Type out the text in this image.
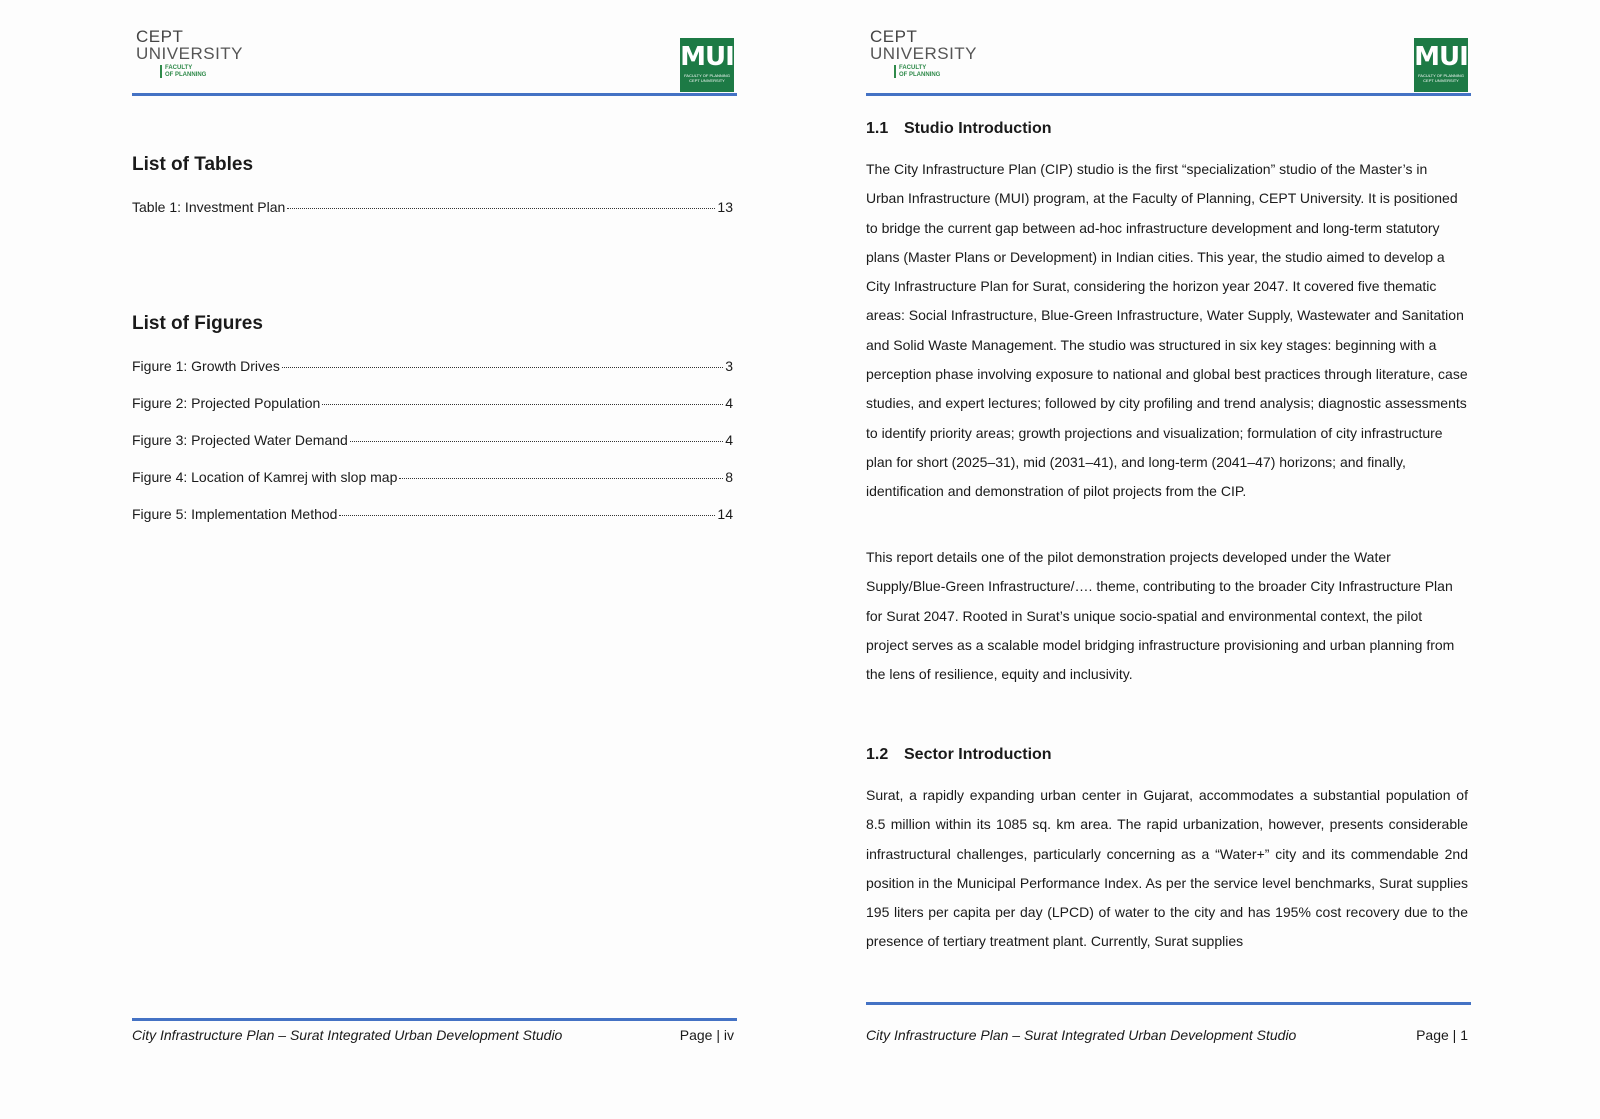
CEPT
UNIVERSITY
FACULTY
OF PLANNING
MUI
FACULTY OF PLANNING
CEPT UNIVERSITY
List of Tables
Table 1: Investment Plan	13
List of Figures
Figure 1: Growth Drives	3
Figure 2: Projected Population	4
Figure 3: Projected Water Demand	4
Figure 4: Location of Kamrej with slop map	8
Figure 5: Implementation Method	14
City Infrastructure Plan – Surat Integrated Urban Development Studio	Page | iv
CEPT
UNIVERSITY
FACULTY
OF PLANNING
MUI
FACULTY OF PLANNING
CEPT UNIVERSITY
City Infrastructure Plan – Surat Integrated Urban Development Studio	Page | 1
1.1 Studio Introduction

The City Infrastructure Plan (CIP) studio is the first “specialization” studio of the Master’s in Urban Infrastructure (MUI) program, at the Faculty of Planning, CEPT University. It is positioned to bridge the current gap between ad-hoc infrastructure development and long-term statutory plans (Master Plans or Development) in Indian cities. This year, the studio aimed to develop a City Infrastructure Plan for Surat, considering the horizon year 2047. It covered five thematic areas: Social Infrastructure, Blue-Green Infrastructure, Water Supply, Wastewater and Sanitation and Solid Waste Management. The studio was structured in six key stages: beginning with a perception phase involving exposure to national and global best practices through literature, case studies, and expert lectures; followed by city profiling and trend analysis; diagnostic assessments to identify priority areas; growth projections and visualization; formulation of city infrastructure plan for short (2025–31), mid (2031–41), and long-term (2041–47) horizons; and finally, identification and demonstration of pilot projects from the CIP.

This report details one of the pilot demonstration projects developed under the Water Supply/Blue-Green Infrastructure/…. theme, contributing to the broader City Infrastructure Plan for Surat 2047. Rooted in Surat’s unique socio-spatial and environmental context, the pilot project serves as a scalable model bridging infrastructure provisioning and urban planning from the lens of resilience, equity and inclusivity.

1.2 Sector Introduction

Surat, a rapidly expanding urban center in Gujarat, accommodates a substantial population of 8.5 million within its 1085 sq. km area. The rapid urbanization, however, presents considerable infrastructural challenges, particularly concerning as a “Water+” city and its commendable 2nd position in the Municipal Performance Index. As per the service level benchmarks, Surat supplies 195 liters per capita per day (LPCD) of water to the city and has 195% cost recovery due to the presence of tertiary treatment plant. Currently, Surat supplies
